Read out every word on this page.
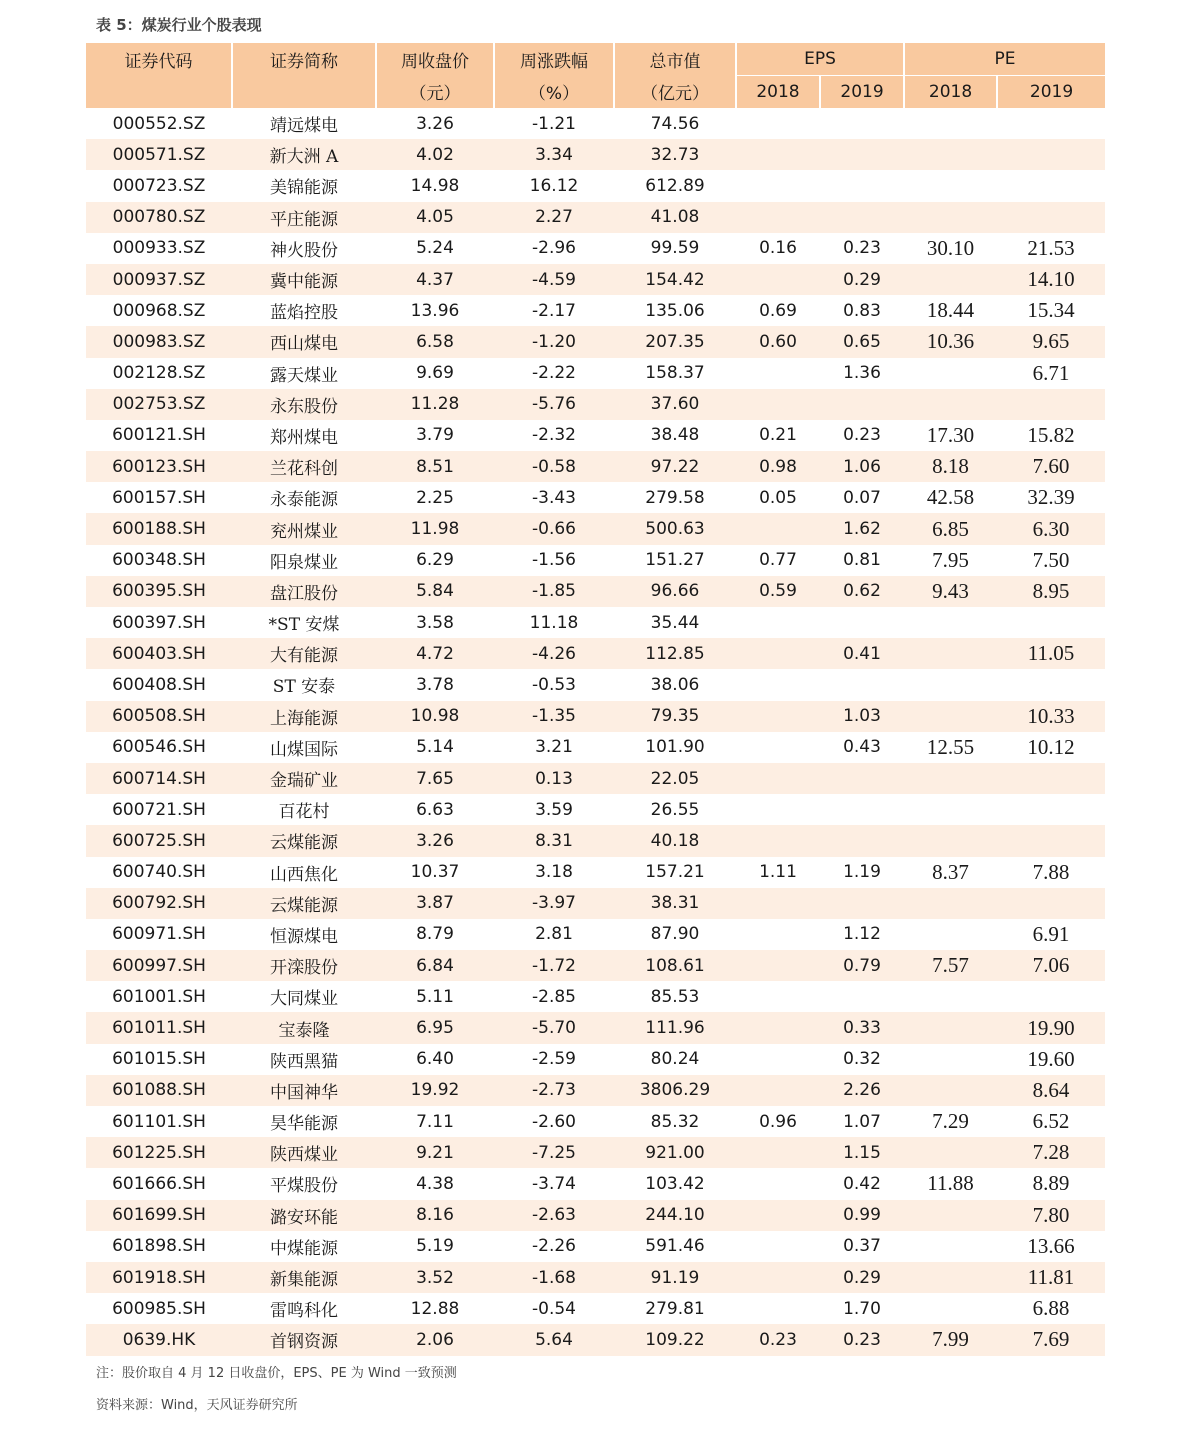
表 5：煤炭行业个股表现
证券代码	证券简称	周收盘价	周涨跌幅	总市值	EPS		PE	
		（元）	（%）	（亿元）	2018	2019	2018	2019
000552.SZ	靖远煤电	3.26	-1.21	74.56				
000571.SZ	新大洲 A	4.02	3.34	32.73				
000723.SZ	美锦能源	14.98	16.12	612.89				
000780.SZ	平庄能源	4.05	2.27	41.08				
000933.SZ	神火股份	5.24	-2.96	99.59	0.16	0.23	30.10	21.53
000937.SZ	冀中能源	4.37	-4.59	154.42		0.29		14.10
000968.SZ	蓝焰控股	13.96	-2.17	135.06	0.69	0.83	18.44	15.34
000983.SZ	西山煤电	6.58	-1.20	207.35	0.60	0.65	10.36	9.65
002128.SZ	露天煤业	9.69	-2.22	158.37		1.36		6.71
002753.SZ	永东股份	11.28	-5.76	37.60				
600121.SH	郑州煤电	3.79	-2.32	38.48	0.21	0.23	17.30	15.82
600123.SH	兰花科创	8.51	-0.58	97.22	0.98	1.06	8.18	7.60
600157.SH	永泰能源	2.25	-3.43	279.58	0.05	0.07	42.58	32.39
600188.SH	兖州煤业	11.98	-0.66	500.63		1.62	6.85	6.30
600348.SH	阳泉煤业	6.29	-1.56	151.27	0.77	0.81	7.95	7.50
600395.SH	盘江股份	5.84	-1.85	96.66	0.59	0.62	9.43	8.95
600397.SH	*ST 安煤	3.58	11.18	35.44				
600403.SH	大有能源	4.72	-4.26	112.85		0.41		11.05
600408.SH	ST 安泰	3.78	-0.53	38.06				
600508.SH	上海能源	10.98	-1.35	79.35		1.03		10.33
600546.SH	山煤国际	5.14	3.21	101.90		0.43	12.55	10.12
600714.SH	金瑞矿业	7.65	0.13	22.05				
600721.SH	百花村	6.63	3.59	26.55				
600725.SH	云煤能源	3.26	8.31	40.18				
600740.SH	山西焦化	10.37	3.18	157.21	1.11	1.19	8.37	7.88
600792.SH	云煤能源	3.87	-3.97	38.31				
600971.SH	恒源煤电	8.79	2.81	87.90		1.12		6.91
600997.SH	开滦股份	6.84	-1.72	108.61		0.79	7.57	7.06
601001.SH	大同煤业	5.11	-2.85	85.53				
601011.SH	宝泰隆	6.95	-5.70	111.96		0.33		19.90
601015.SH	陕西黑猫	6.40	-2.59	80.24		0.32		19.60
601088.SH	中国神华	19.92	-2.73	3806.29		2.26		8.64
601101.SH	昊华能源	7.11	-2.60	85.32	0.96	1.07	7.29	6.52
601225.SH	陕西煤业	9.21	-7.25	921.00		1.15		7.28
601666.SH	平煤股份	4.38	-3.74	103.42		0.42	11.88	8.89
601699.SH	潞安环能	8.16	-2.63	244.10		0.99		7.80
601898.SH	中煤能源	5.19	-2.26	591.46		0.37		13.66
601918.SH	新集能源	3.52	-1.68	91.19		0.29		11.81
600985.SH	雷鸣科化	12.88	-0.54	279.81		1.70		6.88
0639.HK	首钢资源	2.06	5.64	109.22	0.23	0.23	7.99	7.69
注：股价取自 4 月 12 日收盘价，EPS、PE 为 Wind 一致预测
资料来源：Wind，天风证券研究所
